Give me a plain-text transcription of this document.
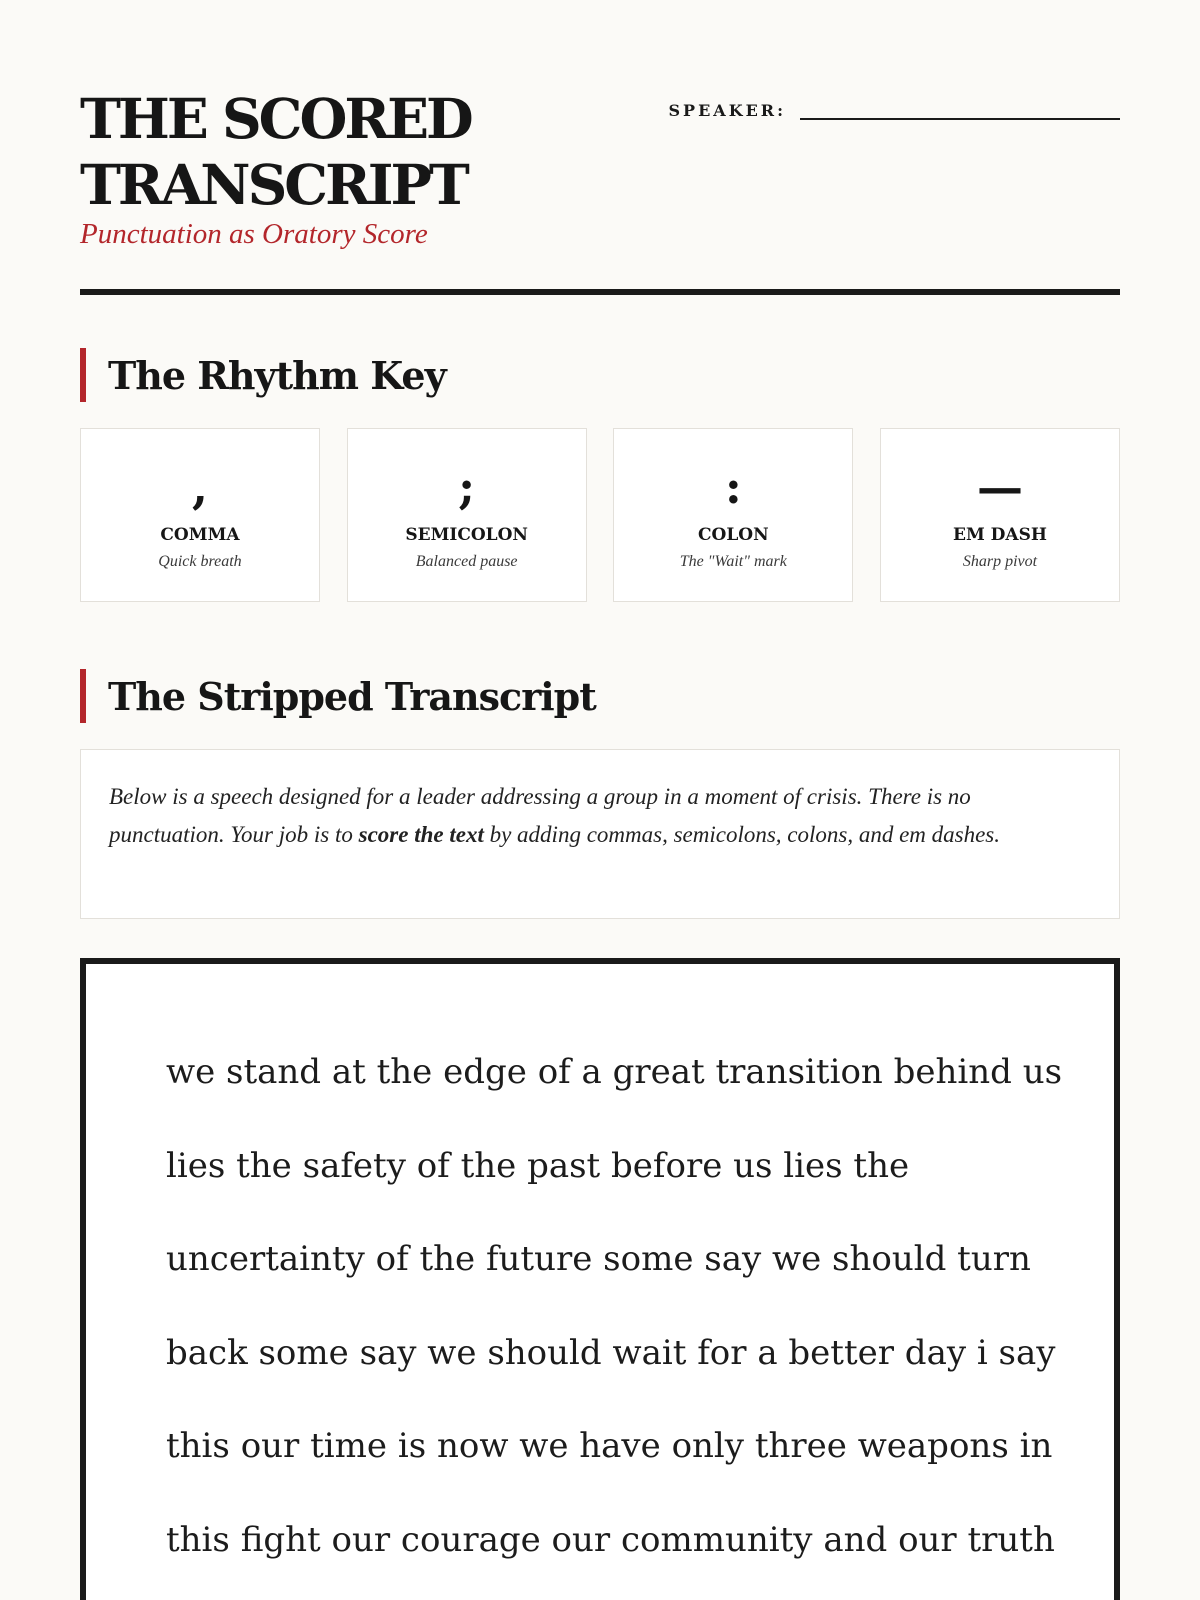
THE SCORED
TRANSCRIPT
Punctuation as Oratory Score
SPEAKER:
The Rhythm Key
,
COMMA
Quick breath
;
SEMICOLON
Balanced pause
:
COLON
The "Wait" mark
—
EM DASH
Sharp pivot
The Stripped Transcript
Below is a speech designed for a leader addressing a group in a moment of crisis. There is no punctuation. Your job is to score the text by adding commas, semicolons, colons, and em dashes.
we stand at the edge of a great transition behind us
lies the safety of the past before us lies the
uncertainty of the future some say we should turn
back some say we should wait for a better day i say
this our time is now we have only three weapons in
this fight our courage our community and our truth
